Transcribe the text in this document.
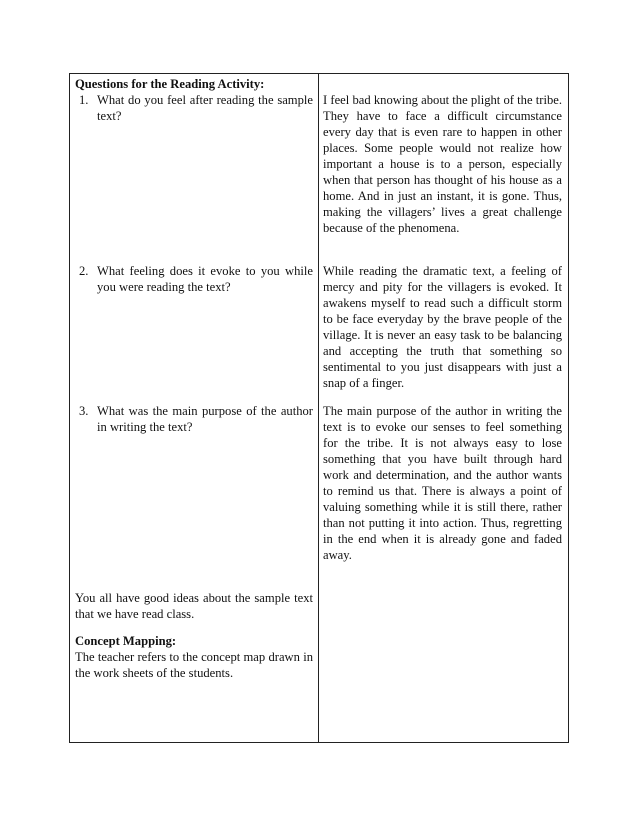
Questions for the Reading Activity:
1. What do you feel after reading the sample text?
2. What feeling does it evoke to you while you were reading the text?
3. What was the main purpose of the author in writing the text?
You all have good ideas about the sample text that we have read class.
Concept Mapping:
The teacher refers to the concept map drawn in the work sheets of the students.
I feel bad knowing about the plight of the tribe. They have to face a difficult circumstance every day that is even rare to happen in other places. Some people would not realize how important a house is to a person, especially when that person has thought of his house as a home. And in just an instant, it is gone. Thus, making the villagers’ lives a great challenge because of the phenomena.
While reading the dramatic text, a feeling of mercy and pity for the villagers is evoked. It awakens myself to read such a difficult storm to be face everyday by the brave people of the village. It is never an easy task to be balancing and accepting the truth that something so sentimental to you just disappears with just a snap of a finger.
The main purpose of the author in writing the text is to evoke our senses to feel something for the tribe. It is not always easy to lose something that you have built through hard work and determination, and the author wants to remind us that. There is always a point of valuing something while it is still there, rather than not putting it into action. Thus, regretting in the end when it is already gone and faded away.
